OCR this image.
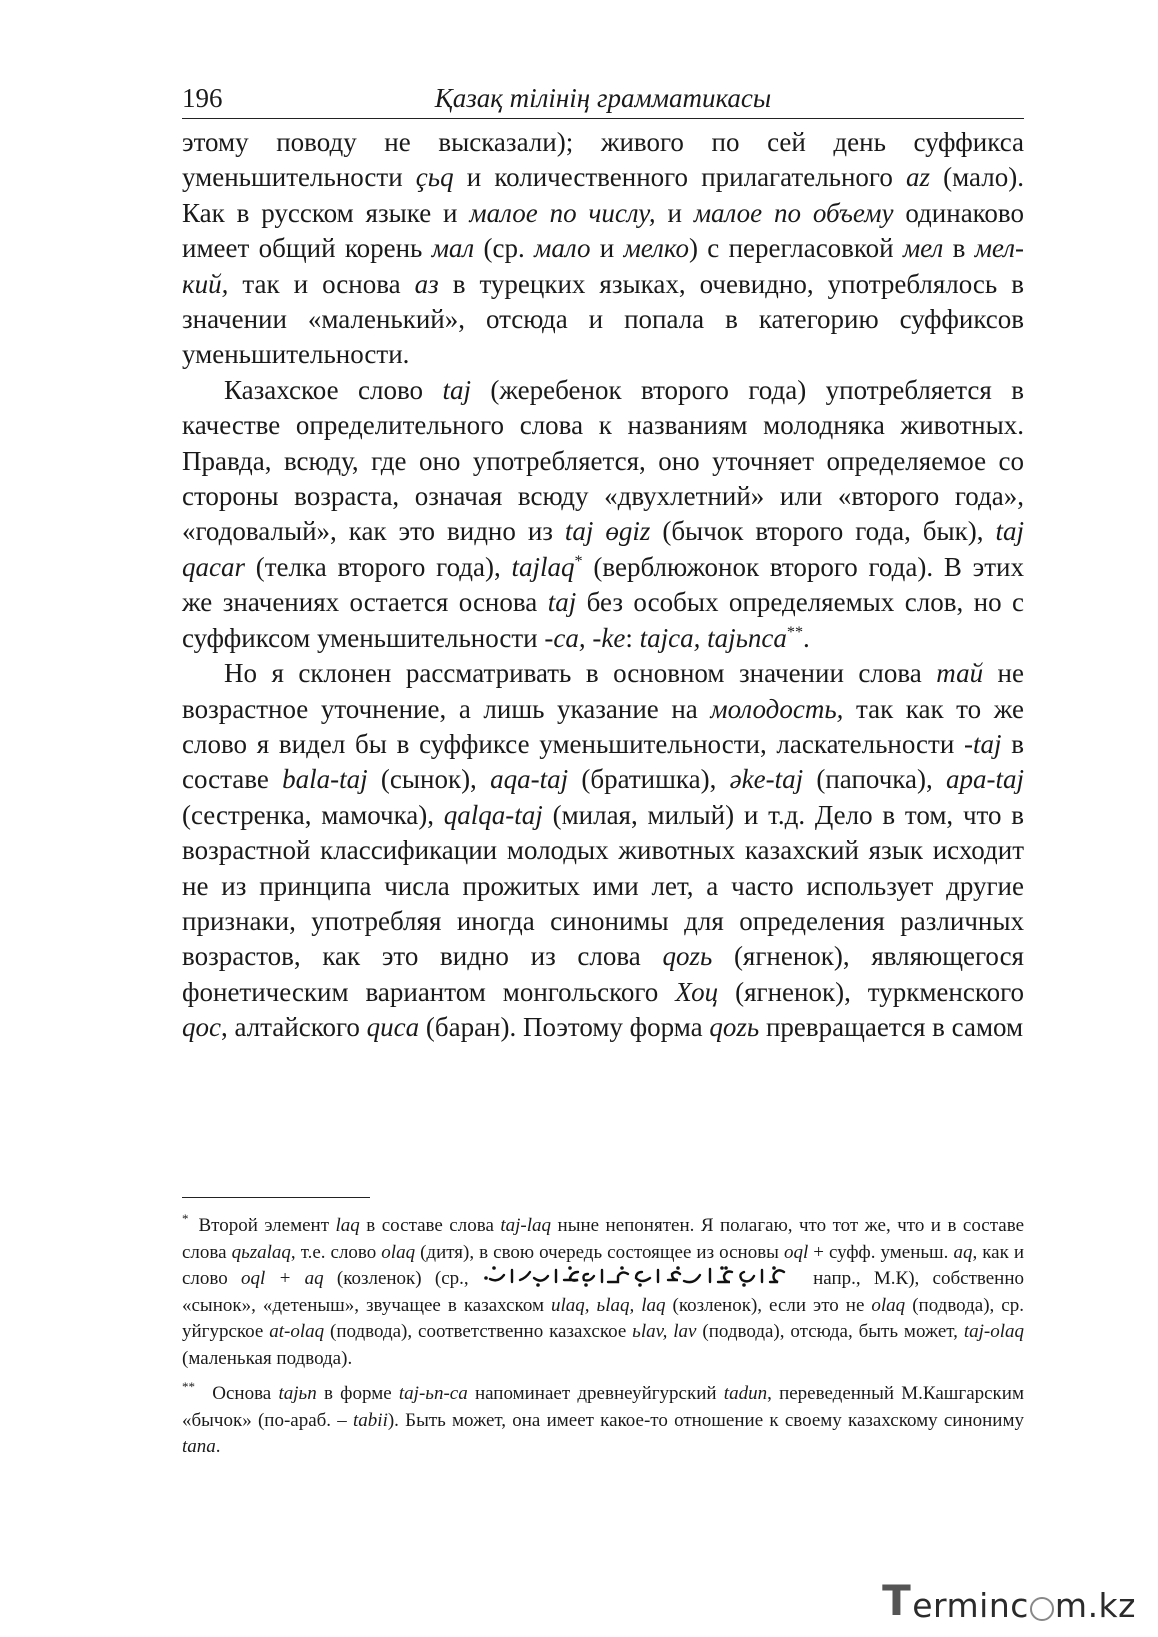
196	Қазақ тілінің грамматикасы

этому поводу не высказали); живого по сей день суффикса уменьшительности çьq и количественного прилагательного az (мало). Как в русском языке и малое по числу, и малое по объему одинаково имеет общий корень мал (ср. мало и мелко) с перегласовкой мел в мел-кий, так и основа аз в турецких языках, очевидно, употреблялось в значении «маленький», отсюда и попала в категорию суффиксов уменьшительности.

Казахское слово taj (жеребенок второго года) употребляется в качестве определительного слова к названиям молодняка животных. Правда, всюду, где оно употребляется, оно уточняет определяемое со стороны возраста, означая всюду «двухлетний» или «второго года», «годовалый», как это видно из taj өgiz (бычок второго года, бык), taj qacar (телка второго года), tajlaq* (верблюжонок второго года). В этих же значениях остается основа taj без особых определяемых слов, но с суффиксом уменьшительности -ca, -ke: tajca, tajьnca**.

Но я склонен рассматривать в основном значении слова тай не возрастное уточнение, а лишь указание на молодость, так как то же слово я видел бы в суффиксе уменьшительности, ласкательности -taj в составе bala-taj (сынок), aqa-taj (братишка), әke-taj (папочка), apa-taj (сестренка, мамочка), qalqa-taj (милая, милый) и т.д. Дело в том, что в возрастной классификации молодых животных казахский язык исходит не из принципа числа прожитых ими лет, а часто использует другие признаки, употребляя иногда синонимы для определения различных возрастов, как это видно из слова qozь (ягненок), являющегося фонетическим вариантом монгольского Хоц (ягненок), туркменского qoc, алтайского quca (баран). Поэтому форма qozь превращается в самом

* Второй элемент laq в составе слова taj-laq ныне непонятен. Я полагаю, что тот же, что и в составе слова qьzalaq, т.е. слово olaq (дитя), в свою очередь состоящее из основы oql + суфф. уменьш. aq, как и слово oql + aq (козленок) (ср.,	напр., М.К), собственно «сынок», «детеныш», звучащее в казахском ulaq, ьlaq, laq (козленок), если это не olaq (подвода), ср. уйгурское at-olaq (подвода), соответственно казахское ьlav, lav (подвода), отсюда, быть может, taj-olaq (маленькая подвода).

** Основа tajьn в форме taj-ьn-ca напоминает древнеуйгурский tadun, переведенный М.Кашгарским «бычок» (по-араб. – tabii). Быть может, она имеет какое-то отношение к своему казахскому синониму tana.

T erminc m.kz
